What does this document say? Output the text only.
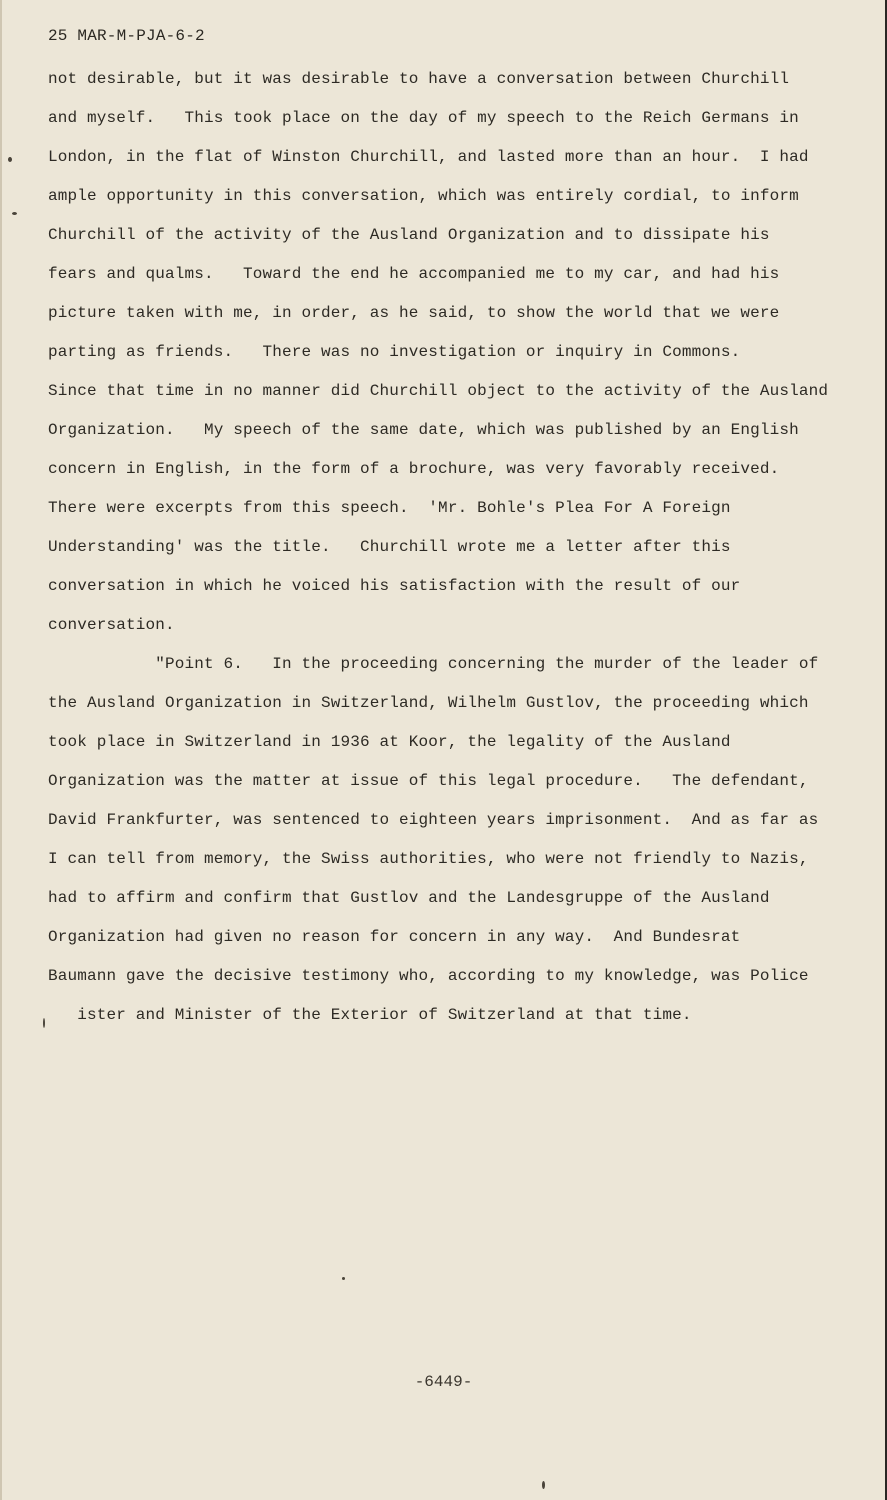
25 MAR-M-PJA-6-2
not desirable, but it was desirable to have a conversation between Churchill
and myself.   This took place on the day of my speech to the Reich Germans in
London, in the flat of Winston Churchill, and lasted more than an hour.  I had
ample opportunity in this conversation, which was entirely cordial, to inform
Churchill of the activity of the Ausland Organization and to dissipate his
fears and qualms.   Toward the end he accompanied me to my car, and had his
picture taken with me, in order, as he said, to show the world that we were
parting as friends.   There was no investigation or inquiry in Commons.
Since that time in no manner did Churchill object to the activity of the Ausland
Organization.   My speech of the same date, which was published by an English
concern in English, in the form of a brochure, was very favorably received.
There were excerpts from this speech.  'Mr. Bohle's Plea For A Foreign
Understanding' was the title.   Churchill wrote me a letter after this
conversation in which he voiced his satisfaction with the result of our
conversation.
"Point 6.   In the proceeding concerning the murder of the leader of
the Ausland Organization in Switzerland, Wilhelm Gustlov, the proceeding which
took place in Switzerland in 1936 at Koor, the legality of the Ausland
Organization was the matter at issue of this legal procedure.   The defendant,
David Frankfurter, was sentenced to eighteen years imprisonment.  And as far as
I can tell from memory, the Swiss authorities, who were not friendly to Nazis,
had to affirm and confirm that Gustlov and the Landesgruppe of the Ausland
Organization had given no reason for concern in any way.  And Bundesrat
Baumann gave the decisive testimony who, according to my knowledge, was Police
ister and Minister of the Exterior of Switzerland at that time.
-6449-
